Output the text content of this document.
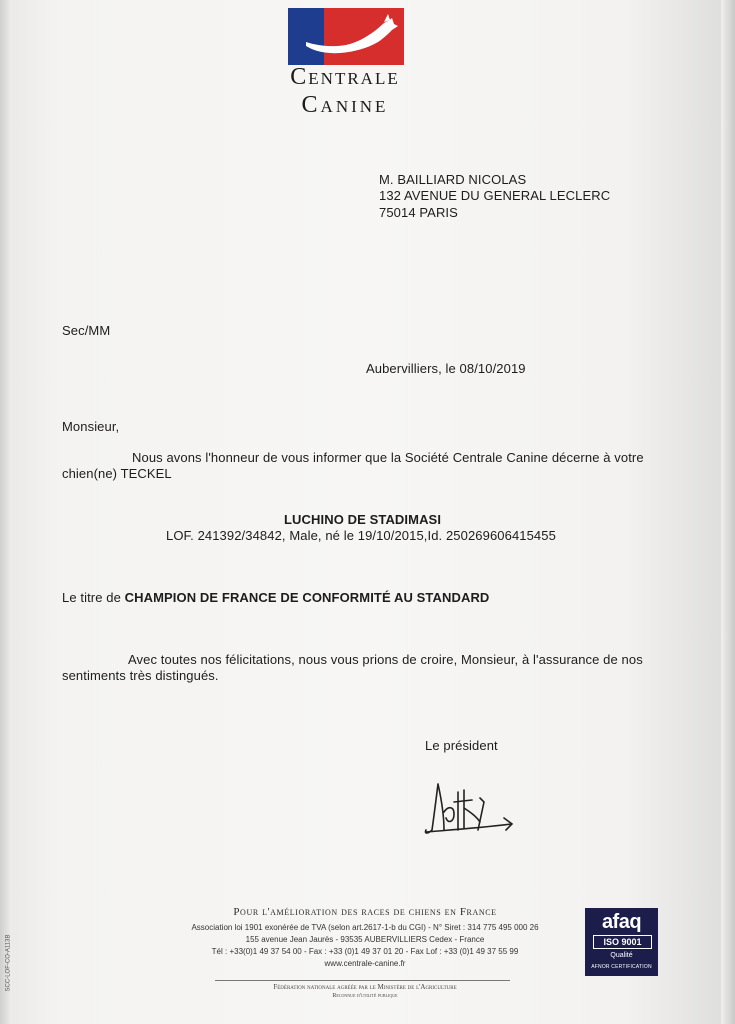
Centrale
Canine
M. BAILLIARD NICOLAS
132 AVENUE DU GENERAL LECLERC
75014 PARIS
Sec/MM
Aubervilliers, le 08/10/2019
Monsieur,
Nous avons l'honneur de vous informer que la Société Centrale Canine décerne à votre
chien(ne) TECKEL
LUCHINO DE STADIMASI
LOF. 241392/34842, Male, né le 19/10/2015,Id. 250269606415455
Le titre de CHAMPION DE FRANCE DE CONFORMITÉ AU STANDARD
Avec toutes nos félicitations, nous vous prions de croire, Monsieur, à l'assurance de nos
sentiments très distingués.
Le président
Pour l'amélioration des races de chiens en France
Association loi 1901 exonérée de TVA (selon art.2617-1-b du CGI) - N° Siret : 314 775 495 000 26
155 avenue Jean Jaurès - 93535 AUBERVILLIERS Cedex - France
Tél : +33(0)1 49 37 54 00 - Fax : +33 (0)1 49 37 01 20 - Fax Lof : +33 (0)1 49 37 55 99
www.centrale-canine.fr
Fédération nationale agréée par le Ministère de l'Agriculture
Reconnue d'utilité publique
SCC-LOF-CO-A113B
afaq
ISO 9001
Qualité
AFNOR CERTIFICATION
